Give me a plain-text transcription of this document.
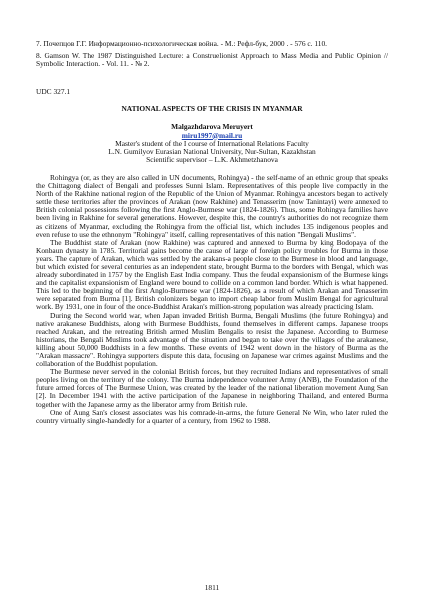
7. Почепцов Г.Г. Информационно-психологическая война. - М.: Рефл-бук, 2000 . - 576 с. 110.

8. Gamson W. The 1987 Distinguished Lecture: a Construelionist Approach to Mass Media and Public Opinion // Symbolic Interaction. - Vol. 11. - № 2.

UDC 327.1
NATIONAL ASPECTS OF THE CRISIS IN MYANMAR
Malgazhdarova Meruyert
miru1997@mail.ru
Master's student of the I course of International Relations Faculty
L.N. Gumilyov Eurasian National University, Nur-Sultan, Kazakhstan
Scientific supervisor – L.K. Akhmetzhanova

Rohingya (or, as they are also called in UN documents, Rohingya) - the self-name of an ethnic group that speaks the Chittagong dialect of Bengali and professes Sunni Islam. Representatives of this people live compactly in the North of the Rakhine national region of the Republic of the Union of Myanmar. Rohingya ancestors began to actively settle these territories after the provinces of Arakan (now Rakhine) and Tenasserim (now Tanintayi) were annexed to British colonial possessions following the first Anglo-Burmese war (1824-1826). Thus, some Rohingya families have been living in Rakhine for several generations. However, despite this, the country's authorities do not recognize them as citizens of Myanmar, excluding the Rohingya from the official list, which includes 135 indigenous peoples and even refuse to use the ethnonym "Rohingya" itself, calling representatives of this nation "Bengali Muslims".

The Buddhist state of Arakan (now Rakhine) was captured and annexed to Burma by king Bodopaya of the Konbaun dynasty in 1785. Territorial gains become the cause of large of foreign policy troubles for Burma in those years. The capture of Arakan, which was settled by the arakans-a people close to the Burmese in blood and language, but which existed for several centuries as an independent state, brought Burma to the borders with Bengal, which was already subordinated in 1757 by the English East India company. Thus the feudal expansionism of the Burmese kings and the capitalist expansionism of England were bound to collide on a common land border. Which is what happened. This led to the beginning of the first Anglo-Burmese war (1824-1826), as a result of which Arakan and Tenasserim were separated from Burma [1]. British colonizers began to import cheap labor from Muslim Bengal for agricultural work. By 1931, one in four of the once-Buddhist Arakan's million-strong population was already practicing Islam.

During the Second world war, when Japan invaded British Burma, Bengali Muslims (the future Rohingya) and native arakanese Buddhists, along with Burmese Buddhists, found themselves in different camps. Japanese troops reached Arakan, and the retreating British armed Muslim Bengalis to resist the Japanese. According to Burmese historians, the Bengali Muslims took advantage of the situation and began to take over the villages of the arakanese, killing about 50,000 Buddhists in a few months. These events of 1942 went down in the history of Burma as the "Arakan massacre". Rohingya supporters dispute this data, focusing on Japanese war crimes against Muslims and the collaboration of the Buddhist population.

The Burmese never served in the colonial British forces, but they recruited Indians and representatives of small peoples living on the territory of the colony. The Burma independence volunteer Army (ANB), the Foundation of the future armed forces of The Burmese Union, was created by the leader of the national liberation movement Aung San [2]. In December 1941 with the active participation of the Japanese in neighboring Thailand, and entered Burma together with the Japanese army as the liberator army from British rule.

One of Aung San's closest associates was his comrade-in-arms, the future General Ne Win, who later ruled the country virtually single-handedly for a quarter of a century, from 1962 to 1988.

1811
